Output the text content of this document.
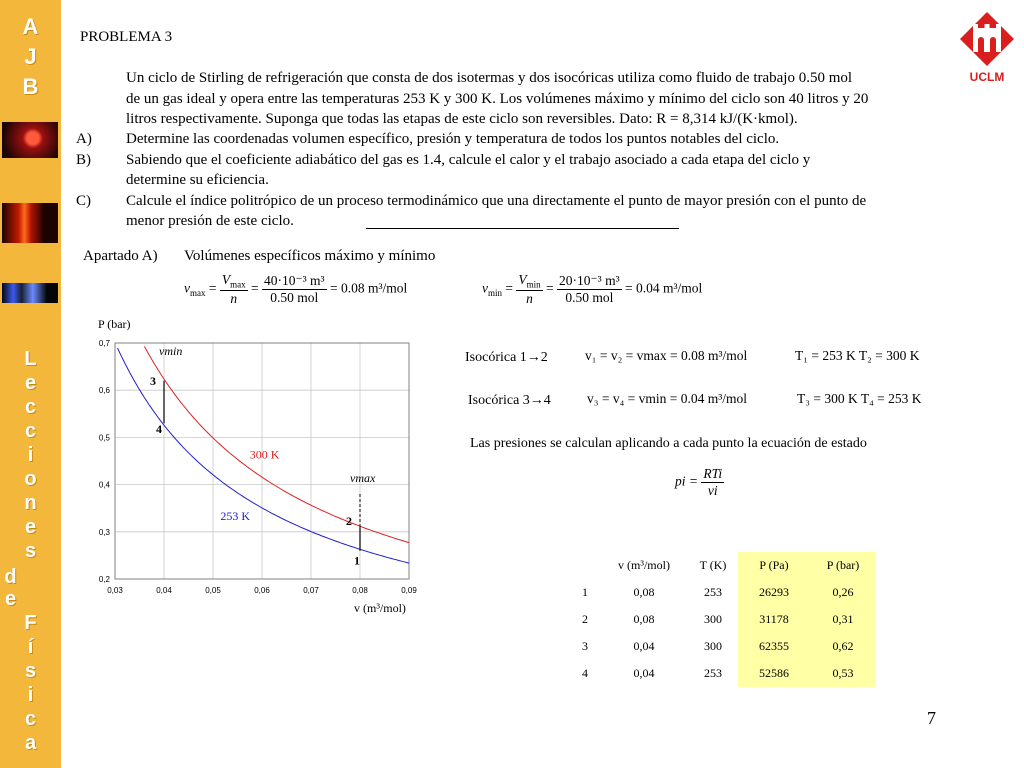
A
J
B
L
e
c
c
i
o
n
e
s
d
e
F
í
s
i
c
a
UCLM
PROBLEMA 3
Un ciclo de Stirling de refrigeración que consta de dos isotermas y dos isocóricas utiliza como fluido de trabajo 0.50 mol
de un gas ideal y opera entre las temperaturas 253 K y 300 K. Los volúmenes máximo y mínimo del ciclo son 40 litros y 20
litros respectivamente. Suponga que todas las etapas de este ciclo son reversibles. Dato: R = 8,314 kJ/(K·kmol).
A) Determine las coordenadas volumen específico, presión y temperatura de todos los puntos notables del ciclo.
B) Sabiendo que el coeficiente adiabático del gas es 1.4, calcule el calor y el trabajo asociado a cada etapa del ciclo y
determine su eficiencia.
C) Calcule el índice politrópico de un proceso termodinámico que una directamente el punto de mayor presión con el punto de
menor presión de este ciclo.
Apartado A) Volúmenes específicos máximo y mínimo
$v_{max} = \frac{V_{max}}{n} = \frac{\text{40·10⁻³ m³}}{\text{0.50 mol}} = 0.08$ m³/mol	$v_{min} = \frac{V_{min}}{n} = \frac{\text{20·10⁻³ m³}}{\text{0.50 mol}} = 0.04$ m³/mol
Isocórica 1→2	v₁ = v₂ = vmax = 0.08 m³/mol	T₁ = 253 K T₂ = 300 K
Isocórica 3→4	v₃ = v₄ = vmin = 0.04 m³/mol	T₃ = 300 K T₄ = 253 K
Las presiones se calculan aplicando a cada punto la ecuación de estado
pi = $\frac{\text{RTi}}{vi}$
0,03	0,04	0,05	0,06	0,07	0,08	0,09
0,2
0,3
0,4
0,5
0,6
0,7
P (bar)
v (m³/mol)
300 K
253 K
1
2
3
4
vmin
vmax
	v (m³/mol)	T (K)	P (Pa)	P (bar)
1	0,08	253	26293	0,26
2	0,08	300	31178	0,31
3	0,04	300	62355	0,62
4	0,04	253	52586	0,53
7
